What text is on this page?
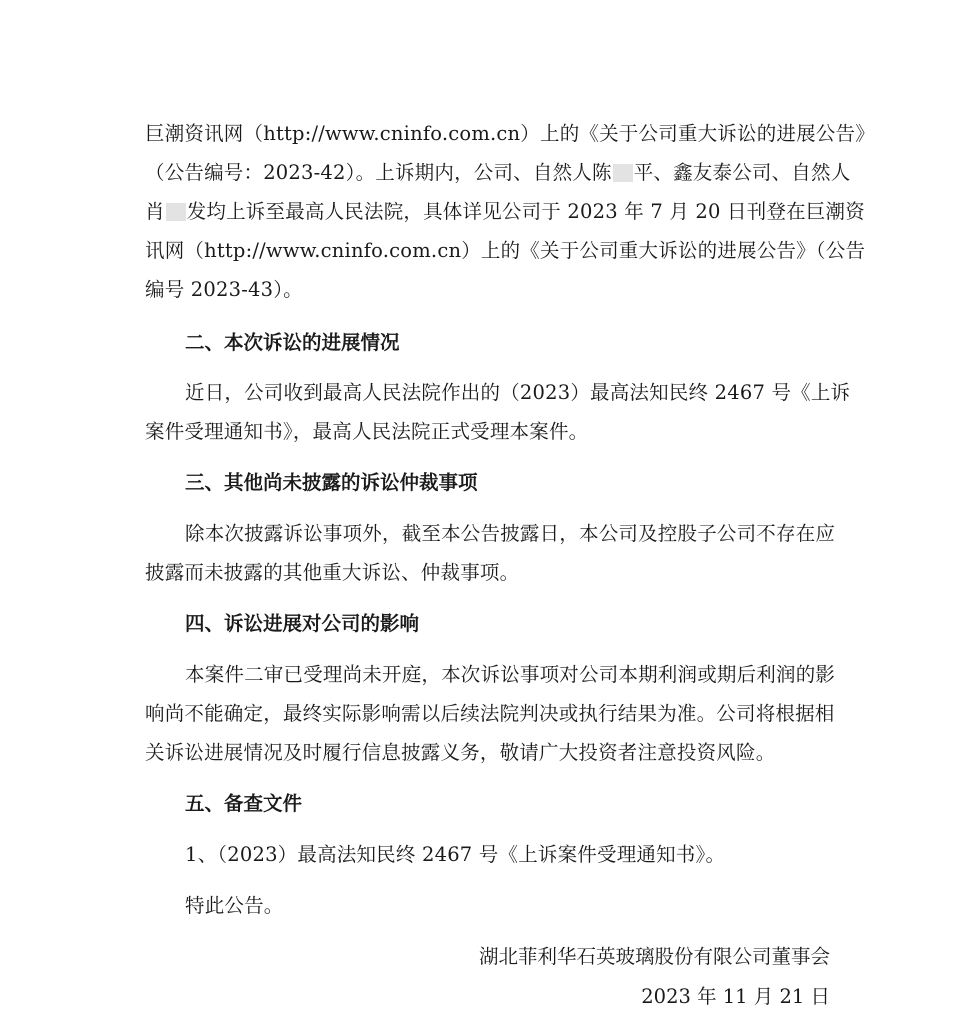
巨潮资讯网（http://www.cninfo.com.cn）上的《关于公司重大诉讼的进展公告》
（公告编号：2023-42）。上诉期内，公司、自然人陈 平、鑫友泰公司、自然人
肖 发均上诉至最高人民法院，具体详见公司于 2023 年 7 月 20 日刊登在巨潮资
讯网（http://www.cninfo.com.cn）上的《关于公司重大诉讼的进展公告》（公告
编号 2023-43）。
二、本次诉讼的进展情况
近日，公司收到最高人民法院作出的（2023）最高法知民终 2467 号《上诉
案件受理通知书》，最高人民法院正式受理本案件。
三、其他尚未披露的诉讼仲裁事项
除本次披露诉讼事项外，截至本公告披露日，本公司及控股子公司不存在应
披露而未披露的其他重大诉讼、仲裁事项。
四、诉讼进展对公司的影响
本案件二审已受理尚未开庭，本次诉讼事项对公司本期利润或期后利润的影
响尚不能确定，最终实际影响需以后续法院判决或执行结果为准。公司将根据相
关诉讼进展情况及时履行信息披露义务，敬请广大投资者注意投资风险。
五、备查文件
1、（2023）最高法知民终 2467 号《上诉案件受理通知书》。
特此公告。
湖北菲利华石英玻璃股份有限公司董事会
2023 年 11 月 21 日
